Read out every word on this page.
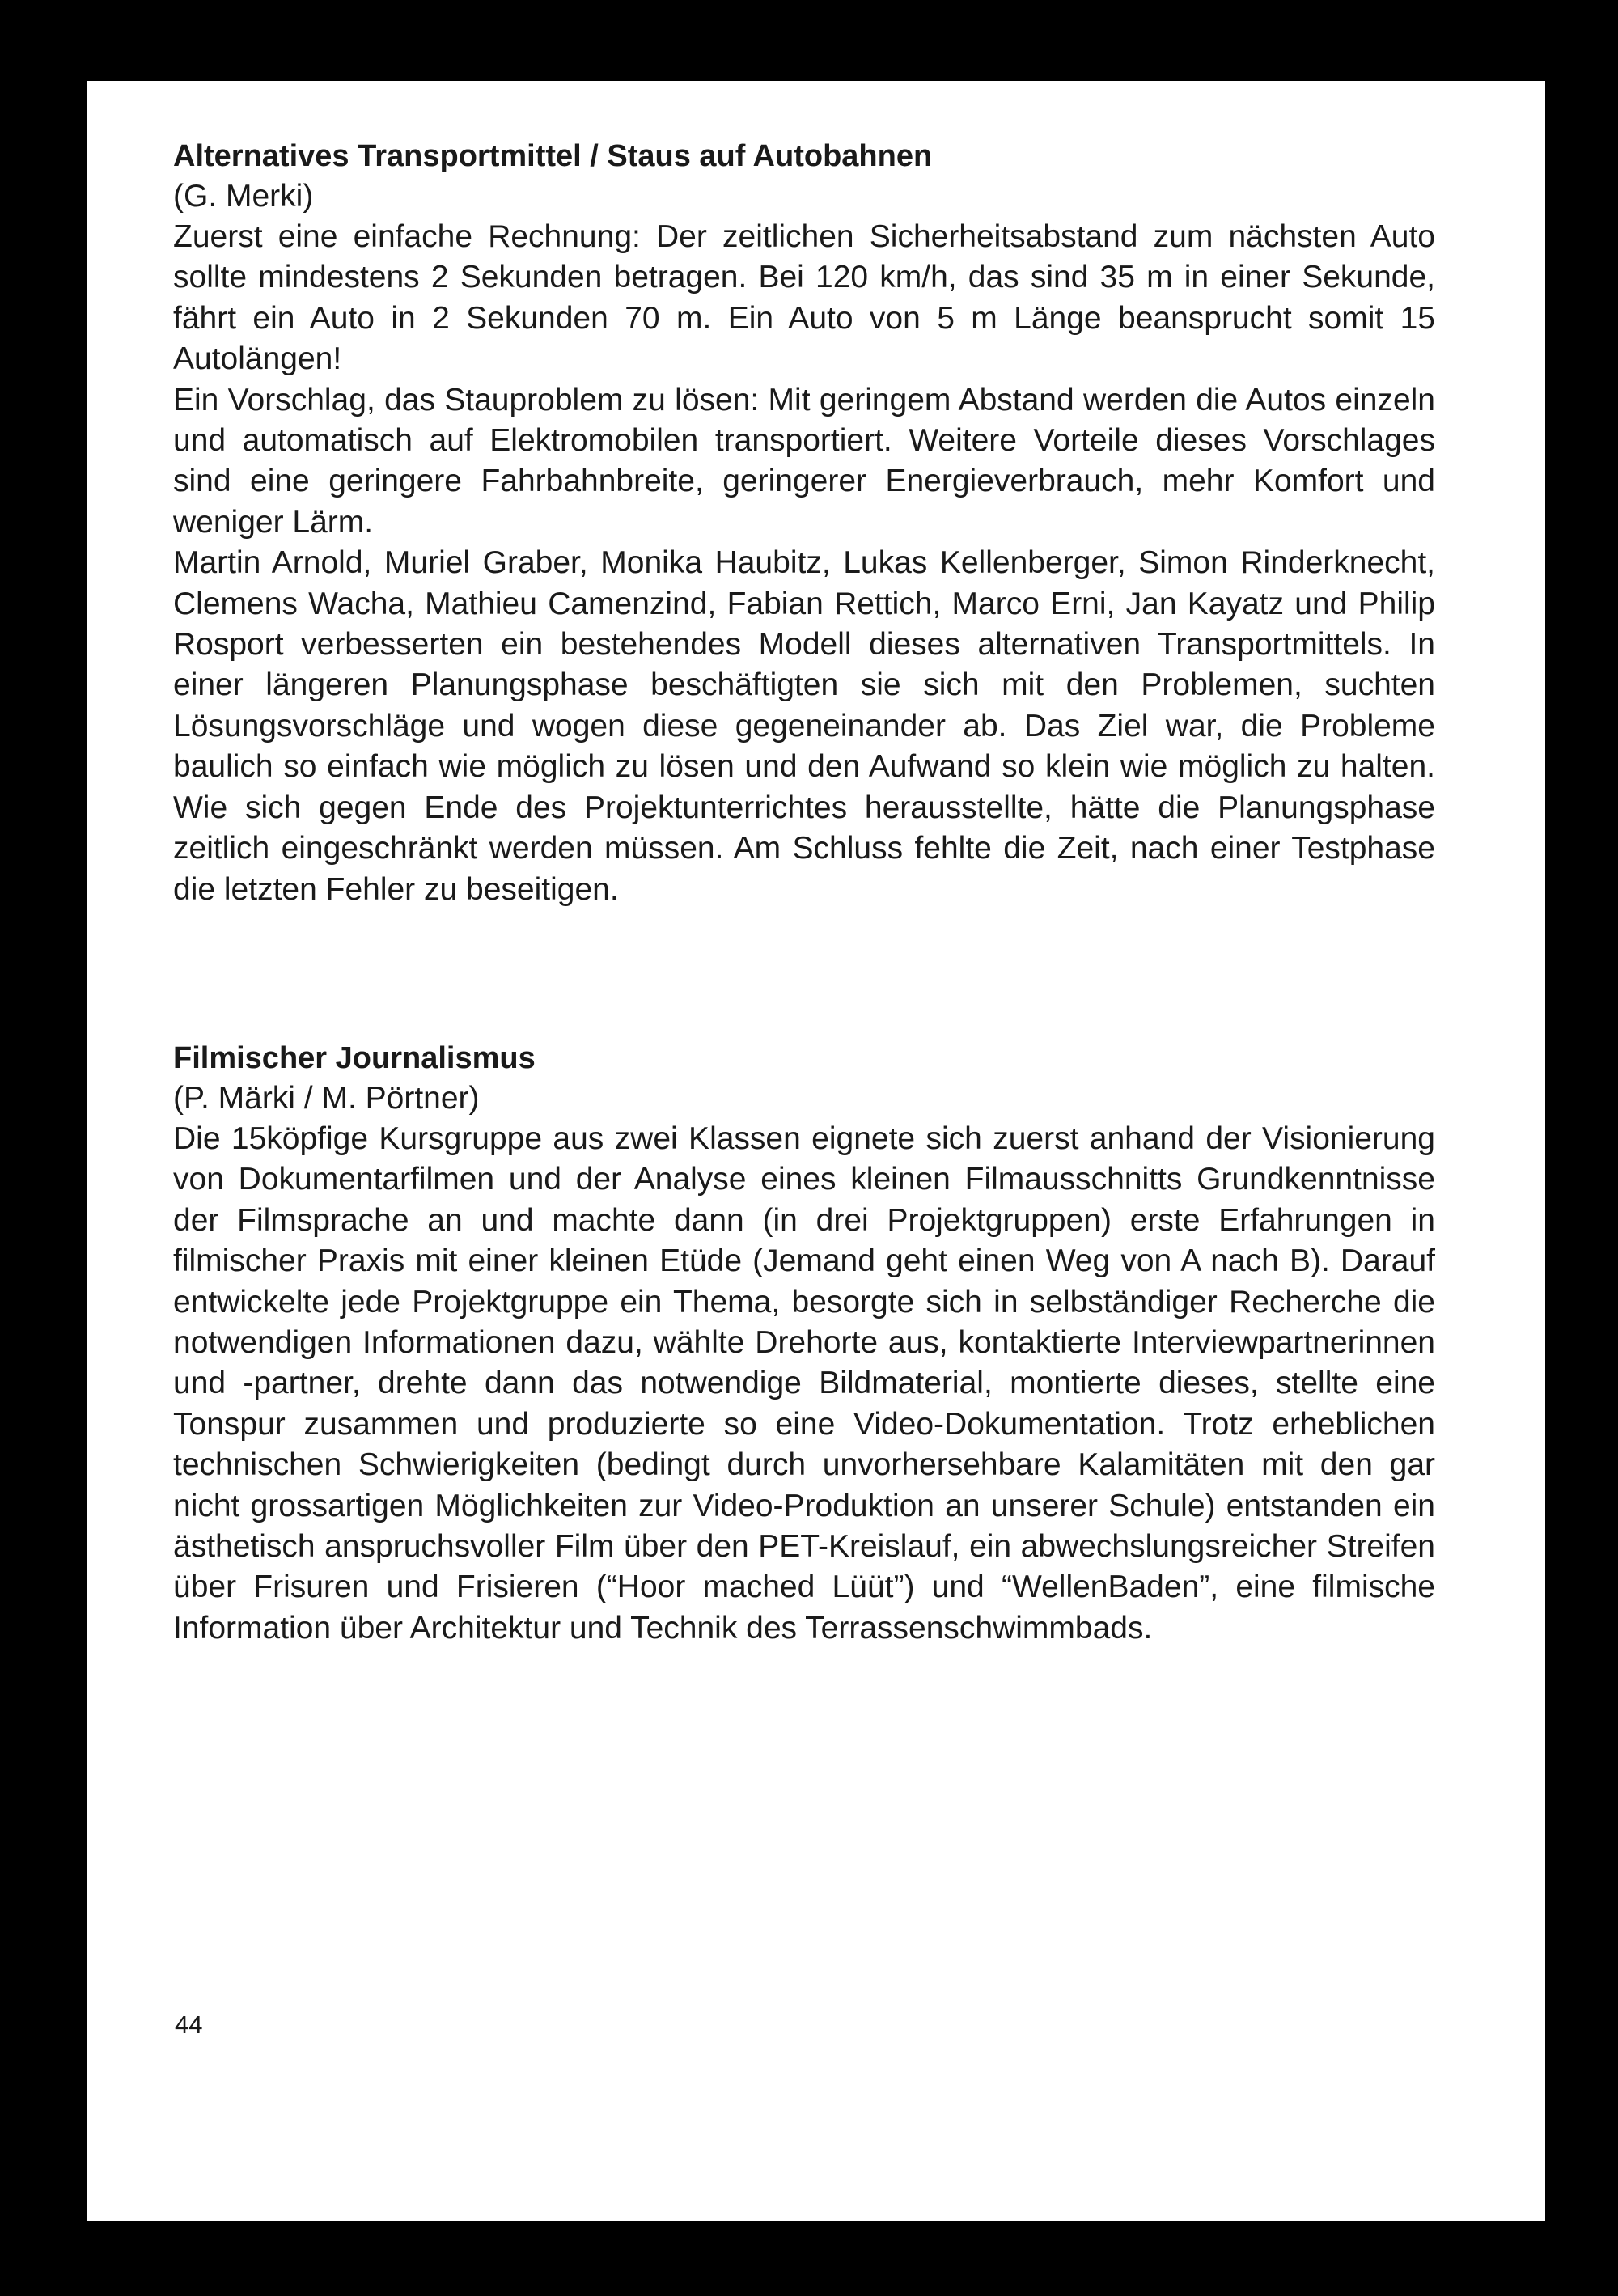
Alternatives Transportmittel / Staus auf Autobahnen

(G. Merki)

Zuerst eine einfache Rechnung: Der zeitlichen Sicherheitsabstand zum nächsten Auto sollte mindestens 2 Sekunden betragen. Bei 120 km/h, das sind 35 m in einer Sekunde, fährt ein Auto in 2 Sekunden 70 m. Ein Auto von 5 m Länge beansprucht somit 15 Autolängen!

Ein Vorschlag, das Stauproblem zu lösen: Mit geringem Abstand werden die Autos einzeln und automatisch auf Elektromobilen transportiert. Weitere Vorteile dieses Vorschlages sind eine geringere Fahrbahnbreite, geringerer Energieverbrauch, mehr Komfort und weniger Lärm.

Martin Arnold, Muriel Graber, Monika Haubitz, Lukas Kellenberger, Simon Rinderknecht, Clemens Wacha, Mathieu Camenzind, Fabian Rettich, Marco Erni, Jan Kayatz und Philip Rosport verbesserten ein bestehendes Modell dieses alternativen Transportmittels. In einer längeren Planungsphase beschäftigten sie sich mit den Problemen, suchten Lösungsvorschläge und wogen diese gegeneinander ab. Das Ziel war, die Probleme baulich so einfach wie möglich zu lösen und den Aufwand so klein wie möglich zu halten. Wie sich gegen Ende des Projektunterrichtes herausstellte, hätte die Planungsphase zeitlich eingeschränkt werden müssen. Am Schluss fehlte die Zeit, nach einer Testphase die letzten Fehler zu beseitigen.

Filmischer Journalismus

(P. Märki / M. Pörtner)

Die 15köpfige Kursgruppe aus zwei Klassen eignete sich zuerst anhand der Visionierung von Dokumentarfilmen und der Analyse eines kleinen Filmausschnitts Grundkenntnisse der Filmsprache an und machte dann (in drei Projektgruppen) erste Erfahrungen in filmischer Praxis mit einer kleinen Etüde (Jemand geht einen Weg von A nach B). Darauf entwickelte jede Projektgruppe ein Thema, besorgte sich in selbständiger Recherche die notwendigen Informationen dazu, wählte Drehorte aus, kontaktierte Interviewpartnerinnen und -partner, drehte dann das notwendige Bildmaterial, montierte dieses, stellte eine Tonspur zusammen und produzierte so eine Video-Dokumentation. Trotz erheblichen technischen Schwierigkeiten (bedingt durch unvorhersehbare Kalamitäten mit den gar nicht grossartigen Möglichkeiten zur Video-Produktion an unserer Schule) entstanden ein ästhetisch anspruchsvoller Film über den PET-Kreislauf, ein abwechslungsreicher Streifen über Frisuren und Frisieren (“Hoor mached Lüüt”) und “WellenBaden”, eine filmische Information über Architektur und Technik des Terrassenschwimmbads.

44
